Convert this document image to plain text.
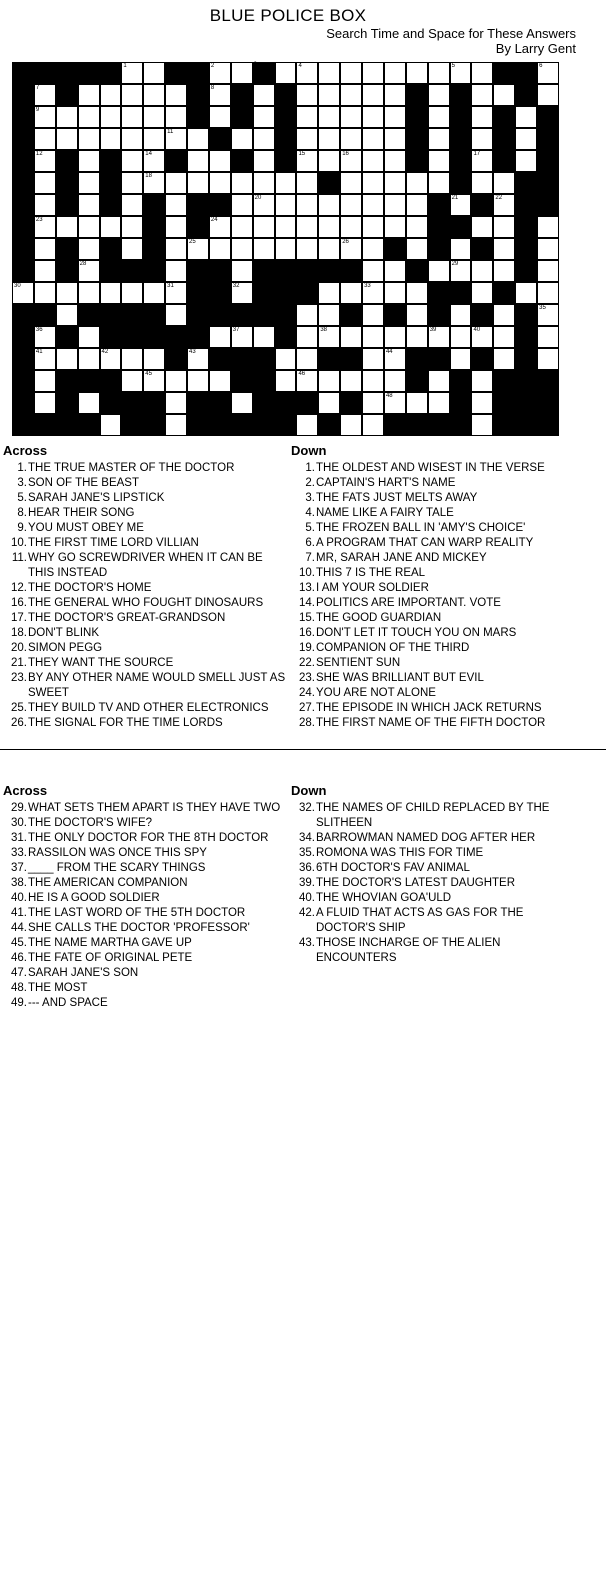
BLUE POLICE BOX
Search Time and Space for These Answers
By Larry Gent
1	2	3	4	5	6
7	8
9	10
11
12	13	14	15	16	17
18
19	20	21	22
23	24
25	26	27
28	29
30	31	32	33
34	35
36	37	38	39	40
41	42	43	44
45	46
47	48
49
Across
1. THE TRUE MASTER OF THE DOCTOR
3. SON OF THE BEAST
5. SARAH JANE'S LIPSTICK
8. HEAR THEIR SONG
9. YOU MUST OBEY ME
10. THE FIRST TIME LORD VILLIAN
11. WHY GO SCREWDRIVER WHEN IT CAN BE THIS INSTEAD
12. THE DOCTOR'S HOME
16. THE GENERAL WHO FOUGHT DINOSAURS
17. THE DOCTOR'S GREAT-GRANDSON
18. DON'T BLINK
20. SIMON PEGG
21. THEY WANT THE SOURCE
23. BY ANY OTHER NAME WOULD SMELL JUST AS SWEET
25. THEY BUILD TV AND OTHER ELECTRONICS
26. THE SIGNAL FOR THE TIME LORDS
Down
1. THE OLDEST AND WISEST IN THE VERSE
2. CAPTAIN'S HART'S NAME
3. THE FATS JUST MELTS AWAY
4. NAME LIKE A FAIRY TALE
5. THE FROZEN BALL IN 'AMY'S CHOICE'
6. A PROGRAM THAT CAN WARP REALITY
7. MR, SARAH JANE AND MICKEY
10. THIS 7 IS THE REAL
13. I AM YOUR SOLDIER
14. POLITICS ARE IMPORTANT. VOTE
15. THE GOOD GUARDIAN
16. DON'T LET IT TOUCH YOU ON MARS
19. COMPANION OF THE THIRD
22. SENTIENT SUN
23. SHE WAS BRILLIANT BUT EVIL
24. YOU ARE NOT ALONE
27. THE EPISODE IN WHICH JACK RETURNS
28. THE FIRST NAME OF THE FIFTH DOCTOR
Across
29. WHAT SETS THEM APART IS THEY HAVE TWO
30. THE DOCTOR'S WIFE?
31. THE ONLY DOCTOR FOR THE 8TH DOCTOR
33. RASSILON WAS ONCE THIS SPY
37. ____ FROM THE SCARY THINGS
38. THE AMERICAN COMPANION
40. HE IS A GOOD SOLDIER
41. THE LAST WORD OF THE 5TH DOCTOR
44. SHE CALLS THE DOCTOR 'PROFESSOR'
45. THE NAME MARTHA GAVE UP
46. THE FATE OF ORIGINAL PETE
47. SARAH JANE'S SON
48. THE MOST
49. --- AND SPACE
Down
32. THE NAMES OF CHILD REPLACED BY THE SLITHEEN
34. BARROWMAN NAMED DOG AFTER HER
35. ROMONA WAS THIS FOR TIME
36. 6TH DOCTOR'S FAV ANIMAL
39. THE DOCTOR'S LATEST DAUGHTER
40. THE WHOVIAN GOA'ULD
42. A FLUID THAT ACTS AS GAS FOR THE DOCTOR'S SHIP
43. THOSE INCHARGE OF THE ALIEN ENCOUNTERS
